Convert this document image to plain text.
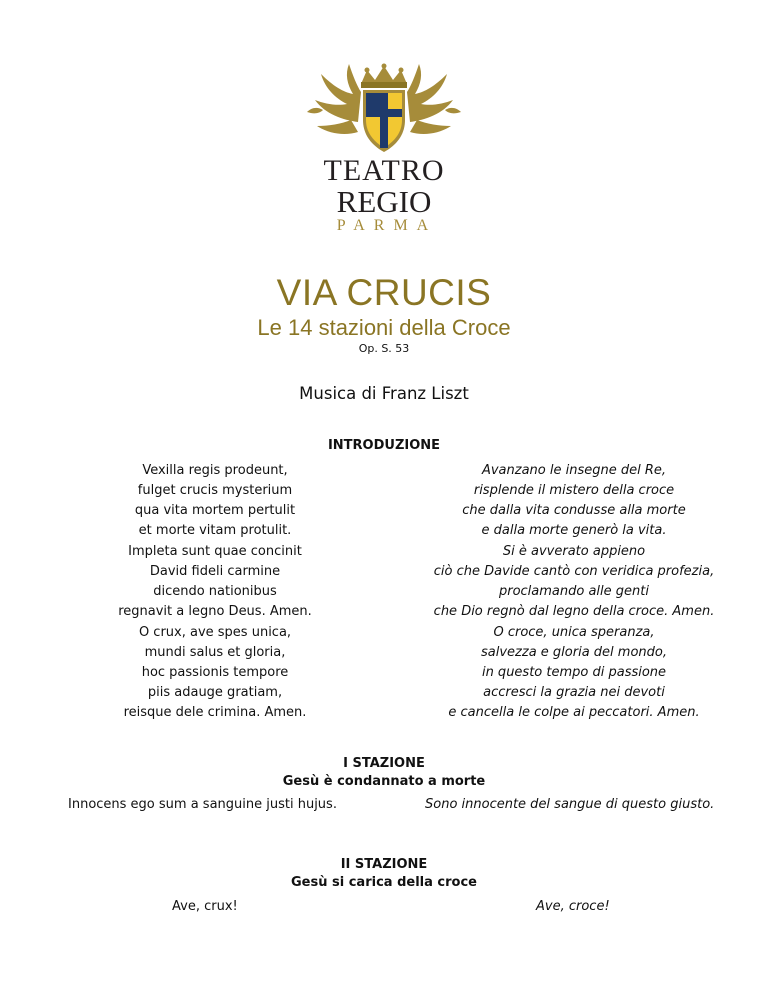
TEATRO
REGIO
PARMA
VIA CRUCIS
Le 14 stazioni della Croce
Op. S. 53
Musica di Franz Liszt
INTRODUZIONE
Vexilla regis prodeunt,
fulget crucis mysterium
qua vita mortem pertulit
et morte vitam protulit.
Avanzano le insegne del Re,
risplende il mistero della croce
che dalla vita condusse alla morte
e dalla morte generò la vita.
Impleta sunt quae concinit
David fideli carmine
dicendo nationibus
regnavit a legno Deus. Amen.
Si è avverato appieno
ciò che Davide cantò con veridica profezia,
proclamando alle genti
che Dio regnò dal legno della croce. Amen.
O crux, ave spes unica,
mundi salus et gloria,
hoc passionis tempore
piis adauge gratiam,
reisque dele crimina. Amen.
O croce, unica speranza,
salvezza e gloria del mondo,
in questo tempo di passione
accresci la grazia nei devoti
e cancella le colpe ai peccatori. Amen.
I STAZIONE
Gesù è condannato a morte
Innocens ego sum a sanguine justi hujus.	Sono innocente del sangue di questo giusto.
II STAZIONE
Gesù si carica della croce
Ave, crux!	Ave, croce!
